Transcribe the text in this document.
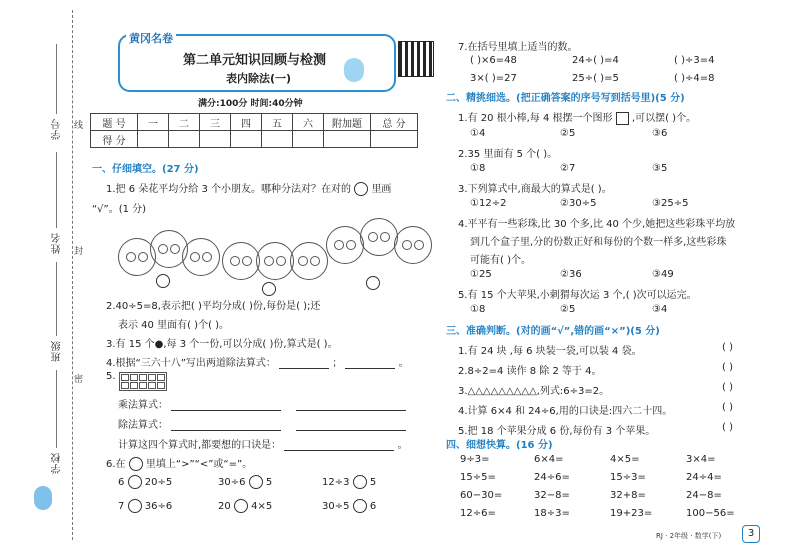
学号
姓名
班级
学校
线
封
密
黄冈名卷
第二单元知识回顾与检测
表内除法(一)
满分:100分 时间:40分钟
题 号	一	二	三	四	五	六	附加题	总 分
得 分								
一、仔细填空。(27 分)
1.把 6 朵花平均分给 3 个小朋友。哪种分法对？在对的 里画
“√”。(1 分)
2.40÷5=8,表示把( )平均分成( )份,每份是( );还
表示 40 里面有( )个( )。
3.有 15 个●,每 3 个一份,可以分成( )份,算式是( )。
4.根据“三六十八”写出两道除法算式：	；	。
5.
乘法算式：
除法算式：
计算这四个算式时,都要想的口诀是：	。
6.在 里填上“>”“<”或“=”。
6 20÷5	30÷6 5	12÷3 5
7 36÷6	20 4×5	30÷5 6
7.在括号里填上适当的数。
( )×6=48	24÷( )=4	( )÷3=4
3×( )=27	25÷( )=5	( )÷4=8
二、精挑细选。(把正确答案的序号写到括号里)(5 分)
1.有 20 根小棒,每 4 根摆一个图形 ,可以摆( )个。
①4	②5	③6
2.35 里面有 5 个( )。
①8	②7	③5
3.下列算式中,商最大的算式是( )。
①12÷2	②30÷5	③25÷5
4.平平有一些彩珠,比 30 个多,比 40 个少,她把这些彩珠平均放
到几个盒子里,分的份数正好和每份的个数一样多,这些彩珠
可能有( )个。
①25	②36	③49
5.有 15 个大苹果,小刺猬每次运 3 个,( )次可以运完。
①8	②5	③4
三、准确判断。(对的画“√”,错的画“×”)(5 分)
1.有 24 块 ,每 6 块装一袋,可以装 4 袋。	( )
2.8÷2=4 读作 8 除 2 等于 4。	( )
3.△△△△△△△△△,列式:6÷3=2。	( )
4.计算 6×4 和 24÷6,用的口诀是:四六二十四。	( )
5.把 18 个苹果分成 6 份,每份有 3 个苹果。	( )
四、细想快算。(16 分)
9÷3=	6×4=	4×5=	3×4=
15÷5=	24÷6=	15÷3=	24÷4=
60−30=	32−8=	32+8=	24−8=
12÷6=	18÷3=	19+23=	100−56=
RJ · 2年级 · 数学(下)	3
